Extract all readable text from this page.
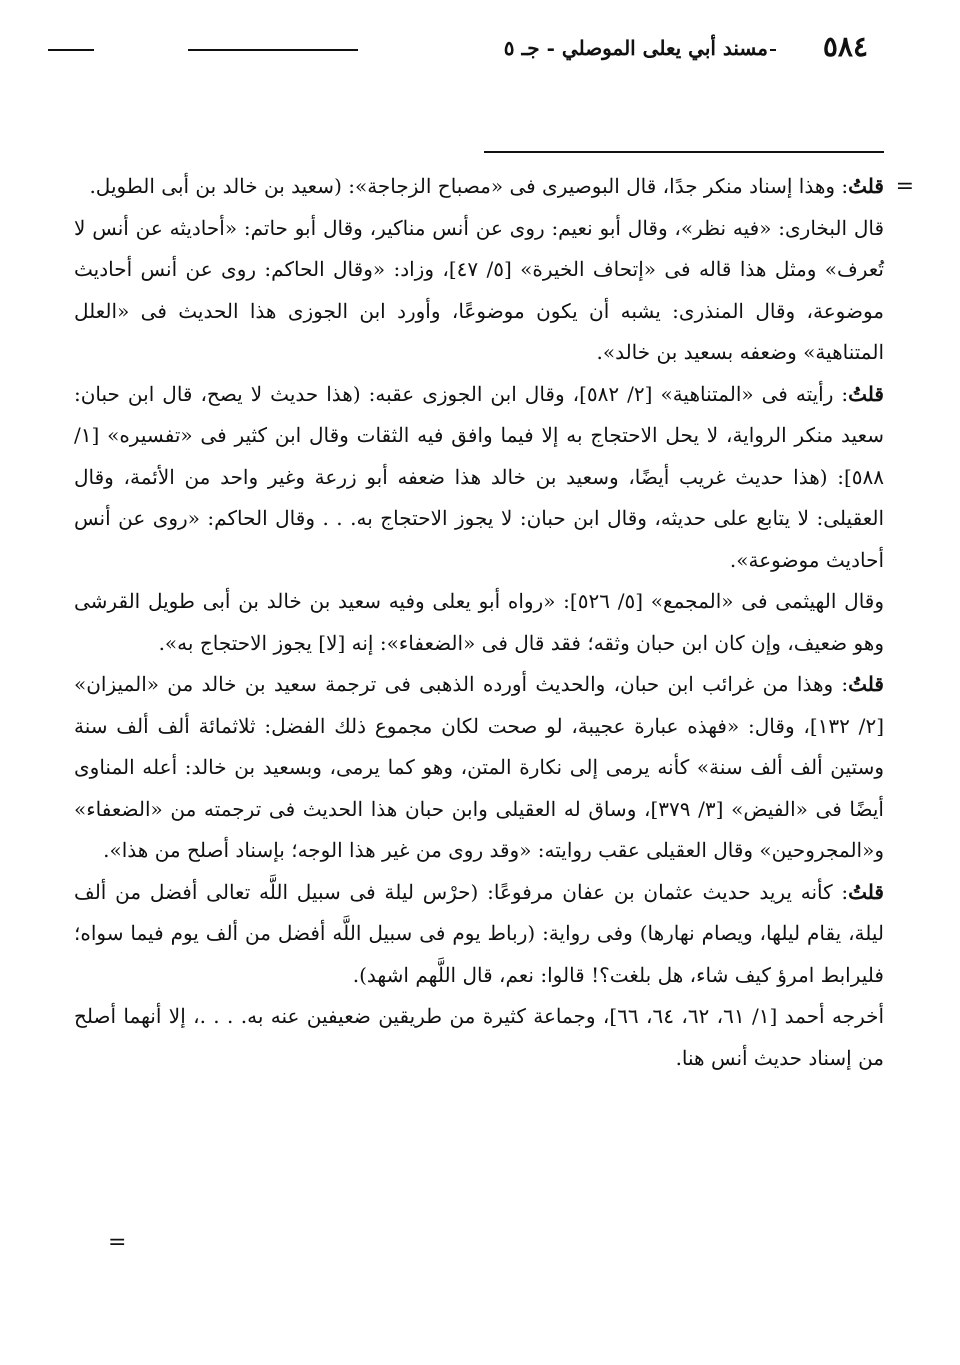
٥٨٤
مسند أبي يعلى الموصلي - جـ ٥

=
قلتُ: وهذا إسناد منكر جدًا، قال البوصيرى فى «مصباح الزجاجة»: (سعيد بن خالد بن أبى الطويل.

قال البخارى: «فيه نظر»، وقال أبو نعيم: روى عن أنس مناكير، وقال أبو حاتم: «أحاديثه عن أنس لا تُعرف» ومثل هذا قاله فى «إتحاف الخيرة» [٥/ ٤٧]، وزاد: «وقال الحاكم: روى عن أنس أحاديث موضوعة، وقال المنذرى: يشبه أن يكون موضوعًا، وأورد ابن الجوزى هذا الحديث فى «العلل المتناهية» وضعفه بسعيد بن خالد».

قلتُ: رأيته فى «المتناهية» [٢/ ٥٨٢]، وقال ابن الجوزى عقبه: (هذا حديث لا يصح، قال ابن حبان: سعيد منكر الرواية، لا يحل الاحتجاج به إلا فيما وافق فيه الثقات وقال ابن كثير فى «تفسيره» [١/ ٥٨٨]: (هذا حديث غريب أيضًا، وسعيد بن خالد هذا ضعفه أبو زرعة وغير واحد من الأئمة، وقال العقيلى: لا يتابع على حديثه، وقال ابن حبان: لا يجوز الاحتجاج به. . . وقال الحاكم: «روى عن أنس أحاديث موضوعة».

وقال الهيثمى فى «المجمع» [٥/ ٥٢٦]: «رواه أبو يعلى وفيه سعيد بن خالد بن أبى طويل القرشى وهو ضعيف، وإن كان ابن حبان وثقه؛ فقد قال فى «الضعفاء»: إنه [لا] يجوز الاحتجاج به».

قلتُ: وهذا من غرائب ابن حبان، والحديث أورده الذهبى فى ترجمة سعيد بن خالد من «الميزان» [٢/ ١٣٢]، وقال: «فهذه عبارة عجيبة، لو صحت لكان مجموع ذلك الفضل: ثلاثمائة ألف ألف سنة وستين ألف ألف سنة» كأنه يرمى إلى نكارة المتن، وهو كما يرمى، وبسعيد بن خالد: أعله المناوى أيضًا فى «الفيض» [٣/ ٣٧٩]، وساق له العقيلى وابن حبان هذا الحديث فى ترجمته من «الضعفاء» و«المجروحين» وقال العقيلى عقب روايته: «وقد روى من غير هذا الوجه؛ بإسناد أصلح من هذا».

قلتُ: كأنه يريد حديث عثمان بن عفان مرفوعًا: (حرْس ليلة فى سبيل اللَّه تعالى أفضل من ألف ليلة، يقام ليلها، ويصام نهارها) وفى رواية: (رباط يوم فى سبيل اللَّه أفضل من ألف يوم فيما سواه؛ فليرابط امرؤ كيف شاء، هل بلغت؟! قالوا: نعم، قال اللَّهم اشهد).

أخرجه أحمد [١/ ٦١، ٦٢، ٦٤، ٦٦]، وجماعة كثيرة من طريقين ضعيفين عنه به. . . .، إلا أنهما أصلح من إسناد حديث أنس هنا.

=
